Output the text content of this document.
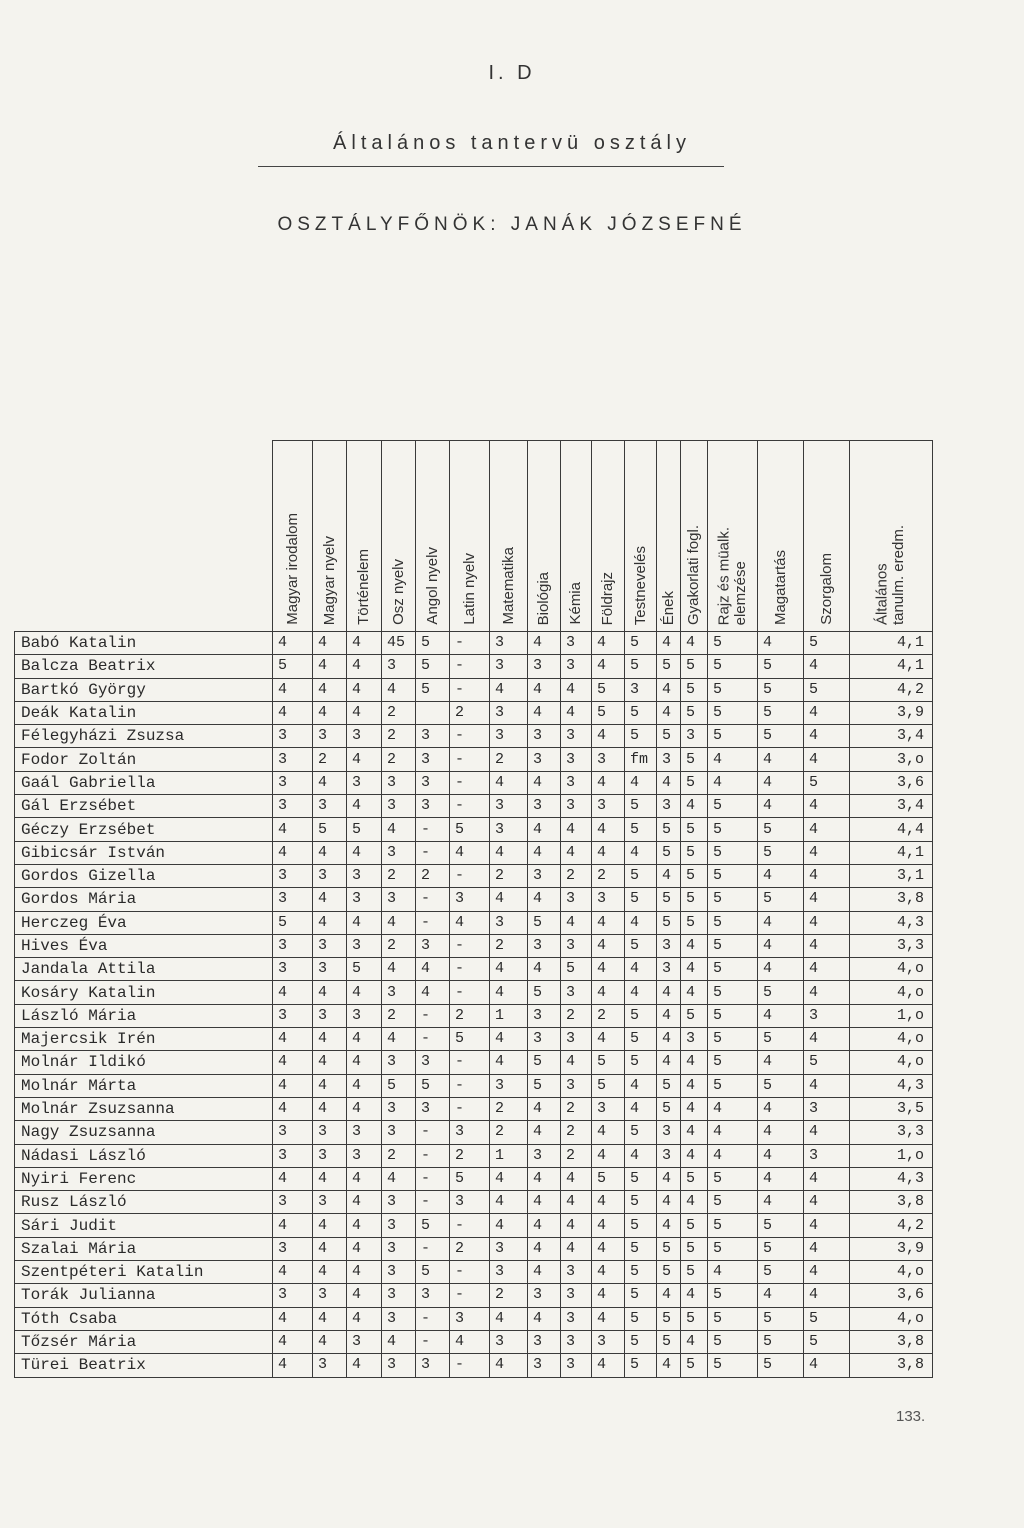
I. D
Általános tantervü osztály
OSZTÁLYFŐNÖK: JANÁK JÓZSEFNÉ

	Magyar irodalom	Magyar nyelv	Történelem	Osz nyelv	Angol nyelv	Latin nyelv	Matematika	Biológia	Kémia	Földrajz	Testnevelés	Ének	Gyakorlati fogl.	Rajz és müalk.
elemzése	Magatartás	Szorgalom	Általános
tanulm. eredm.

Babó Katalin	4	4	4	45	5	-	3	4	3	4	5	4	4	5	4	5	4,1
Balcza Beatrix	5	4	4	3	5	-	3	3	3	4	5	5	5	5	5	4	4,1
Bartkó György	4	4	4	4	5	-	4	4	4	5	3	4	5	5	5	5	4,2
Deák Katalin	4	4	4	2		2	3	4	4	5	5	4	5	5	5	4	3,9
Félegyházi Zsuzsa	3	3	3	2	3	-	3	3	3	4	5	5	3	5	5	4	3,4
Fodor Zoltán	3	2	4	2	3	-	2	3	3	3	fm	3	5	4	4	4	3,o
Gaál Gabriella	3	4	3	3	3	-	4	4	3	4	4	4	5	4	4	5	3,6
Gál Erzsébet	3	3	4	3	3	-	3	3	3	3	5	3	4	5	4	4	3,4
Géczy Erzsébet	4	5	5	4	-	5	3	4	4	4	5	5	5	5	5	4	4,4
Gibicsár István	4	4	4	3	-	4	4	4	4	4	4	5	5	5	5	4	4,1
Gordos Gizella	3	3	3	2	2	-	2	3	2	2	5	4	5	5	4	4	3,1
Gordos Mária	3	4	3	3	-	3	4	4	3	3	5	5	5	5	5	4	3,8
Herczeg Éva	5	4	4	4	-	4	3	5	4	4	4	5	5	5	4	4	4,3
Hives Éva	3	3	3	2	3	-	2	3	3	4	5	3	4	5	4	4	3,3
Jandala Attila	3	3	5	4	4	-	4	4	5	4	4	3	4	5	4	4	4,o
Kosáry Katalin	4	4	4	3	4	-	4	5	3	4	4	4	4	5	5	4	4,o
László Mária	3	3	3	2	-	2	1	3	2	2	5	4	5	5	4	3	1,o
Majercsik Irén	4	4	4	4	-	5	4	3	3	4	5	4	3	5	5	4	4,o
Molnár Ildikó	4	4	4	3	3	-	4	5	4	5	5	4	4	5	4	5	4,o
Molnár Márta	4	4	4	5	5	-	3	5	3	5	4	5	4	5	5	4	4,3
Molnár Zsuzsanna	4	4	4	3	3	-	2	4	2	3	4	5	4	4	4	3	3,5
Nagy Zsuzsanna	3	3	3	3	-	3	2	4	2	4	5	3	4	4	4	4	3,3
Nádasi László	3	3	3	2	-	2	1	3	2	4	4	3	4	4	4	3	1,o
Nyiri Ferenc	4	4	4	4	-	5	4	4	4	5	5	4	5	5	4	4	4,3
Rusz László	3	3	4	3	-	3	4	4	4	4	5	4	4	5	4	4	3,8
Sári Judit	4	4	4	3	5	-	4	4	4	4	5	4	5	5	5	4	4,2
Szalai Mária	3	4	4	3	-	2	3	4	4	4	5	5	5	5	5	4	3,9
Szentpéteri Katalin	4	4	4	3	5	-	3	4	3	4	5	5	5	4	5	4	4,o
Torák Julianna	3	3	4	3	3	-	2	3	3	4	5	4	4	5	4	4	3,6
Tóth Csaba	4	4	4	3	-	3	4	4	3	4	5	5	5	5	5	5	4,o
Tőzsér Mária	4	4	3	4	-	4	3	3	3	3	5	5	4	5	5	5	3,8
Türei Beatrix	4	3	4	3	3	-	4	3	3	4	5	4	5	5	5	4	3,8
133.
